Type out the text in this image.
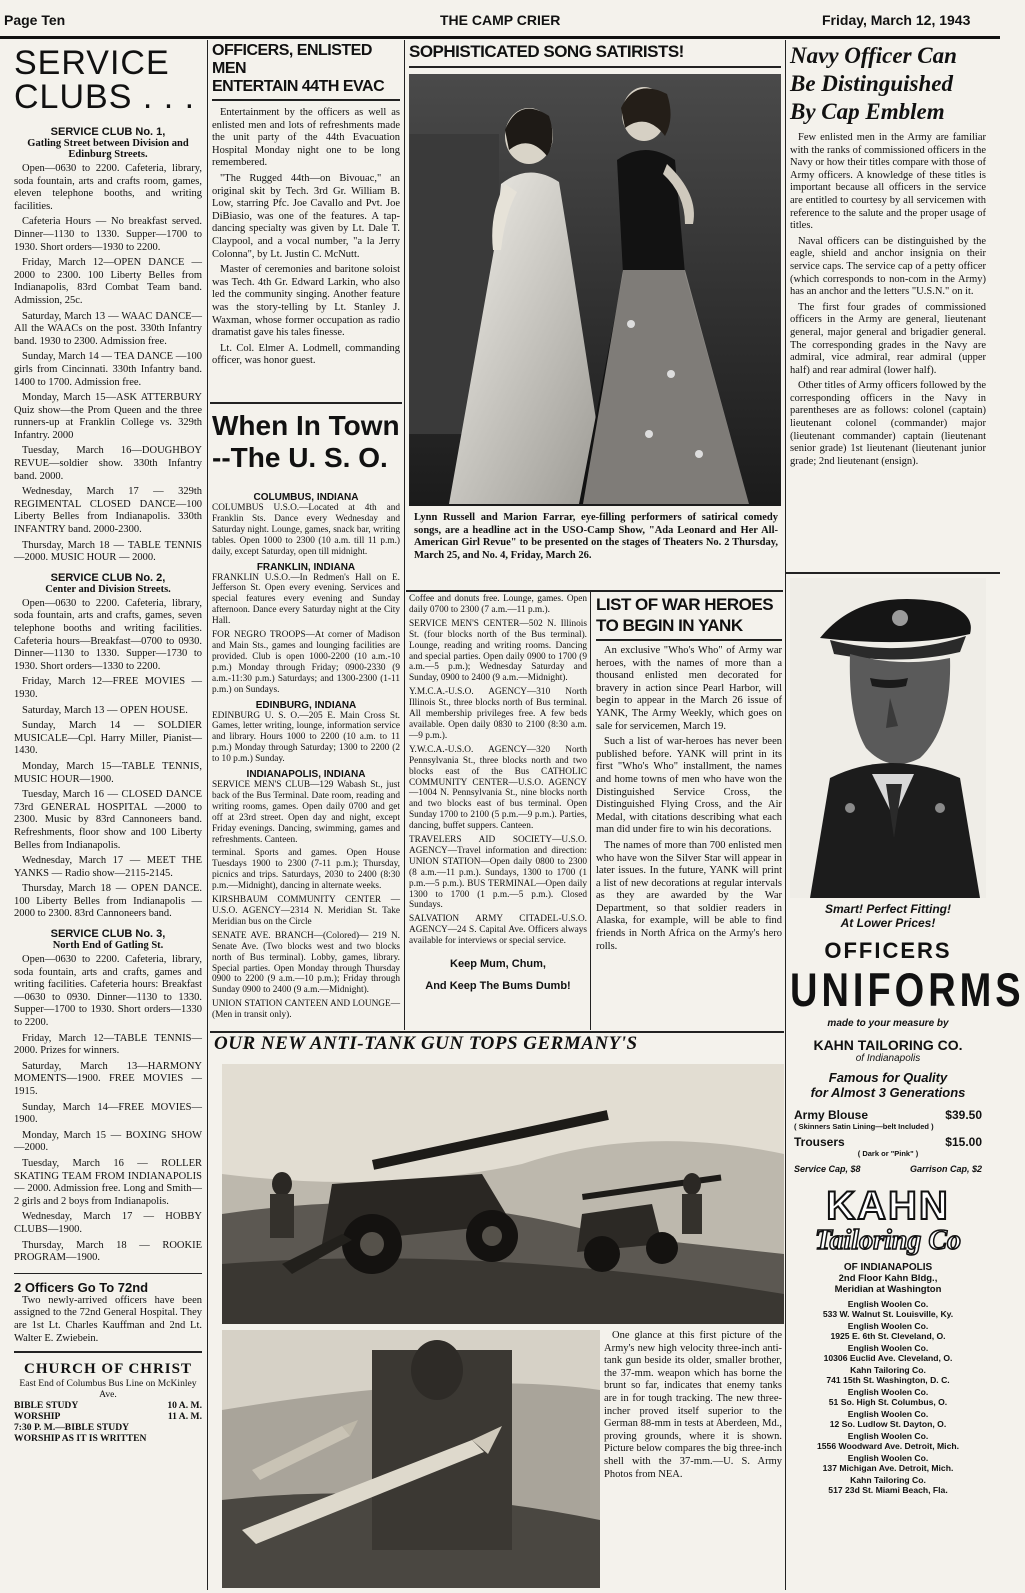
Page Ten	THE CAMP CRIER	Friday, March 12, 1943
SERVICE
CLUBS . . .
SERVICE CLUB No. 1,
Gatling Street between Division and Edinburg Streets.

Open—0630 to 2200. Cafeteria, library, soda fountain, arts and crafts room, games, eleven telephone booths, and writing facilities.

Cafeteria Hours — No breakfast served. Dinner—1130 to 1330. Supper—1700 to 1930. Short orders—1930 to 2200.

Friday, March 12—OPEN DANCE —2000 to 2300. 100 Liberty Belles from Indianapolis, 83rd Combat Team band. Admission, 25c.

Saturday, March 13 — WAAC DANCE—All the WAACs on the post. 330th Infantry band. 1930 to 2300. Admission free.

Sunday, March 14 — TEA DANCE —100 girls from Cincinnati. 330th Infantry band. 1400 to 1700. Admission free.

Monday, March 15—ASK ATTERBURY Quiz show—the Prom Queen and the three runners-up at Franklin College vs. 329th Infantry. 2000

Tuesday, March 16—DOUGHBOY REVUE—soldier show. 330th Infantry band. 2000.

Wednesday, March 17 — 329th REGIMENTAL CLOSED DANCE—100 Liberty Belles from Indianapolis. 330th INFANTRY band. 2000-2300.

Thursday, March 18 — TABLE TENNIS—2000. MUSIC HOUR — 2000.

SERVICE CLUB No. 2,
Center and Division Streets.

Open—0630 to 2200. Cafeteria, library, soda fountain, arts and crafts, games, seven telephone booths and writing facilities. Cafeteria hours—Breakfast—0700 to 0930. Dinner—1130 to 1330. Supper—1730 to 1930. Short orders—1330 to 2200.

Friday, March 12—FREE MOVIES —1930.

Saturday, March 13 — OPEN HOUSE.

Sunday, March 14 — SOLDIER MUSICALE—Cpl. Harry Miller, Pianist—1430.

Monday, March 15—TABLE TENNIS, MUSIC HOUR—1900.

Tuesday, March 16 — CLOSED DANCE 73rd GENERAL HOSPITAL —2000 to 2300. Music by 83rd Cannoneers band. Refreshments, floor show and 100 Liberty Belles from Indianapolis.

Wednesday, March 17 — MEET THE YANKS — Radio show—2115-2145.

Thursday, March 18 — OPEN DANCE. 100 Liberty Belles from Indianapolis — 2000 to 2300. 83rd Cannoneers band.

SERVICE CLUB No. 3,
North End of Gatling St.

Open—0630 to 2200. Cafeteria, library, soda fountain, arts and crafts, games and writing facilities. Cafeteria hours: Breakfast—0630 to 0930. Dinner—1130 to 1330. Supper—1700 to 1930. Short orders—1330 to 2200.

Friday, March 12—TABLE TENNIS—2000. Prizes for winners.

Saturday, March 13—HARMONY MOMENTS—1900. FREE MOVIES —1915.

Sunday, March 14—FREE MOVIES—1900.

Monday, March 15 — BOXING SHOW—2000.

Tuesday, March 16 — ROLLER SKATING TEAM FROM INDIANAPOLIS — 2000. Admission free. Long and Smith—2 girls and 2 boys from Indianapolis.

Wednesday, March 17 — HOBBY CLUBS—1900.

Thursday, March 18 — ROOKIE PROGRAM—1900.

2 Officers Go To 72nd

Two newly-arrived officers have been assigned to the 72nd General Hospital. They are 1st Lt. Charles Kauffman and 2nd Lt. Walter E. Zwiebein.

CHURCH OF CHRIST
East End of Columbus Bus Line on McKinley Ave.
BIBLE STUDY	10 A. M.
WORSHIP	11 A. M.
7:30 P. M.—BIBLE STUDY
WORSHIP AS IT IS WRITTEN
OFFICERS, ENLISTED MEN
ENTERTAIN 44TH EVAC

Entertainment by the officers as well as enlisted men and lots of refreshments made the unit party of the 44th Evacuation Hospital Monday night one to be long remembered.

"The Rugged 44th—on Bivouac," an original skit by Tech. 3rd Gr. William B. Low, starring Pfc. Joe Cavallo and Pvt. Joe DiBiasio, was one of the features. A tap-dancing specialty was given by Lt. Dale T. Claypool, and a vocal number, "a la Jerry Colonna", by Lt. Justin C. McNutt.

Master of ceremonies and baritone soloist was Tech. 4th Gr. Edward Larkin, who also led the community singing. Another feature was the story-telling by Lt. Stanley J. Waxman, whose former occupation as radio dramatist gave his tales finesse.

Lt. Col. Elmer A. Lodmell, commanding officer, was honor guest.

When In Town
--The U. S. O.
COLUMBUS, INDIANA
COLUMBUS U.S.O.—Located at 4th and Franklin Sts. Dance every Wednesday and Saturday night. Lounge, games, snack bar, writing tables. Open 1000 to 2300 (10 a.m. till 11 p.m.) daily, except Saturday, open till midnight.
FRANKLIN, INDIANA
FRANKLIN U.S.O.—In Redmen's Hall on E. Jefferson St. Open every evening. Services and special features every evening and Sunday afternoon. Dance every Saturday night at the City Hall.
FOR NEGRO TROOPS—At corner of Madison and Main Sts., games and lounging facilities are provided. Club is open 1000-2200 (10 a.m.-10 p.m.) Monday through Friday; 0900-2330 (9 a.m.-11:30 p.m.) Saturdays; and 1300-2300 (1-11 p.m.) on Sundays.
EDINBURG, INDIANA
EDINBURG U. S. O.—205 E. Main Cross St. Games, letter writing, lounge, information service and library. Hours 1000 to 2200 (10 a.m. to 11 p.m.) Monday through Saturday; 1300 to 2200 (2 to 10 p.m.) Sunday.
INDIANAPOLIS, INDIANA
SERVICE MEN'S CLUB—129 Wabash St., just back of the Bus Terminal. Date room, reading and writing rooms, games. Open daily 0700 and get off at 23rd street. Open day and night, except Friday evenings. Dancing, swimming, games and refreshments. Canteen.
terminal. Sports and games. Open House Tuesdays 1900 to 2300 (7-11 p.m.); Thursday, picnics and trips. Saturdays, 2030 to 2400 (8:30 p.m.—Midnight), dancing in alternate weeks.
KIRSHBAUM COMMUNITY CENTER —U.S.O. AGENCY—2314 N. Meridian St. Take Meridian bus on the Circle
SENATE AVE. BRANCH—(Colored)— 219 N. Senate Ave. (Two blocks west and two blocks north of Bus terminal). Lobby, games, library. Special parties. Open Monday through Thursday 0900 to 2200 (9 a.m.—10 p.m.); Friday through Sunday 0900 to 2400 (9 a.m.—Midnight).
UNION STATION CANTEEN AND LOUNGE—(Men in transit only).
Coffee and donuts free. Lounge, games. Open daily 0700 to 2300 (7 a.m.—11 p.m.).
SERVICE MEN'S CENTER—502 N. Illinois St. (four blocks north of the Bus terminal). Lounge, reading and writing rooms. Dancing and special parties. Open daily 0900 to 1700 (9 a.m.—5 p.m.); Wednesday Saturday and Sunday, 0900 to 2400 (9 a.m.—Midnight).
Y.M.C.A.-U.S.O. AGENCY—310 North Illinois St., three blocks north of Bus terminal. All membership privileges free. A few beds available. Open daily 0830 to 2100 (8:30 a.m.—9 p.m.).
Y.W.C.A.-U.S.O. AGENCY—320 North Pennsylvania St., three blocks north and two blocks east of the Bus CATHOLIC COMMUNITY CENTER—U.S.O. AGENCY—1004 N. Pennsylvania St., nine blocks north and two blocks east of bus terminal. Open Sunday 1700 to 2100 (5 p.m.—9 p.m.). Parties, dancing, buffet suppers. Canteen.
TRAVELERS AID SOCIETY—U.S.O. AGENCY—Travel information and direction: UNION STATION—Open daily 0800 to 2300 (8 a.m.—11 p.m.). Sundays, 1300 to 1700 (1 p.m.—5 p.m.). BUS TERMINAL—Open daily 1300 to 1700 (1 p.m.—5 p.m.). Closed Sundays.
SALVATION ARMY CITADEL-U.S.O. AGENCY—24 S. Capital Ave. Officers always available for interviews or special service.
Keep Mum, Chum,
And Keep The Bums Dumb!
SOPHISTICATED SONG SATIRISTS!
Lynn Russell and Marion Farrar, eye-filling performers of satirical comedy songs, are a headline act in the USO-Camp Show, "Ada Leonard and Her All-American Girl Revue" to be presented on the stages of Theaters No. 2 Thursday, March 25, and No. 4, Friday, March 26.
LIST OF WAR HEROES
TO BEGIN IN YANK

An exclusive "Who's Who" of Army war heroes, with the names of more than a thousand enlisted men decorated for bravery in action since Pearl Harbor, will begin to appear in the March 26 issue of YANK, The Army Weekly, which goes on sale for servicemen, March 19.

Such a list of war-heroes has never been published before. YANK will print in its first "Who's Who" installment, the names and home towns of men who have won the Distinguished Service Cross, the Distinguished Flying Cross, and the Air Medal, with citations describing what each man did under fire to win his decorations.

The names of more than 700 enlisted men who have won the Silver Star will appear in later issues. In the future, YANK will print a list of new decorations at regular intervals as they are awarded by the War Department, so that soldier readers in Alaska, for example, will be able to find friends in North Africa on the Army's hero rolls.

OUR NEW ANTI-TANK GUN TOPS GERMANY'S

One glance at this first picture of the Army's new high velocity three-inch anti-tank gun beside its older, smaller brother, the 37-mm. weapon which has borne the brunt so far, indicates that enemy tanks are in for tough tracking. The new three-incher proved itself superior to the German 88-mm in tests at Aberdeen, Md., proving grounds, where it is shown. Picture below compares the big three-inch shell with the 37-mm.—U. S. Army Photos from NEA.

Navy Officer Can
Be Distinguished
By Cap Emblem

Few enlisted men in the Army are familiar with the ranks of commissioned officers in the Navy or how their titles compare with those of Army officers. A knowledge of these titles is important because all officers in the service are entitled to courtesy by all servicemen with reference to the salute and the proper usage of titles.

Naval officers can be distinguished by the eagle, shield and anchor insignia on their service caps. The service cap of a petty officer (which corresponds to non-com in the Army) has an anchor and the letters "U.S.N." on it.

The first four grades of commissioned officers in the Army are general, lieutenant general, major general and brigadier general. The corresponding grades in the Navy are admiral, vice admiral, rear admiral (upper half) and rear admiral (lower half).

Other titles of Army officers followed by the corresponding officers in the Navy in parentheses are as follows: colonel (captain) lieutenant colonel (commander) major (lieutenant commander) captain (lieutenant senior grade) 1st lieutenant (lieutenant junior grade; 2nd lieutenant (ensign).

Smart! Perfect Fitting!
At Lower Prices!
OFFICERS
UNIFORMS
made to your measure by
KAHN TAILORING CO.
of Indianapolis
Famous for Quality
for Almost 3 Generations
Army Blouse	$39.50
( Skinners Satin Lining—belt Included )
Trousers	$15.00
( Dark or "Pink" )
Service Cap, $8	Garrison Cap, $2
KAHN
Tailoring Co
OF INDIANAPOLIS
2nd Floor Kahn Bldg.,
Meridian at Washington
English Woolen Co.
533 W. Walnut St. Louisville, Ky.
English Woolen Co.
1925 E. 6th St. Cleveland, O.
English Woolen Co.
10306 Euclid Ave. Cleveland, O.
Kahn Tailoring Co.
741 15th St. Washington, D. C.
English Woolen Co.
51 So. High St. Columbus, O.
English Woolen Co.
12 So. Ludlow St. Dayton, O.
English Woolen Co.
1556 Woodward Ave. Detroit, Mich.
English Woolen Co.
137 Michigan Ave. Detroit, Mich.
Kahn Tailoring Co.
517 23d St. Miami Beach, Fla.
